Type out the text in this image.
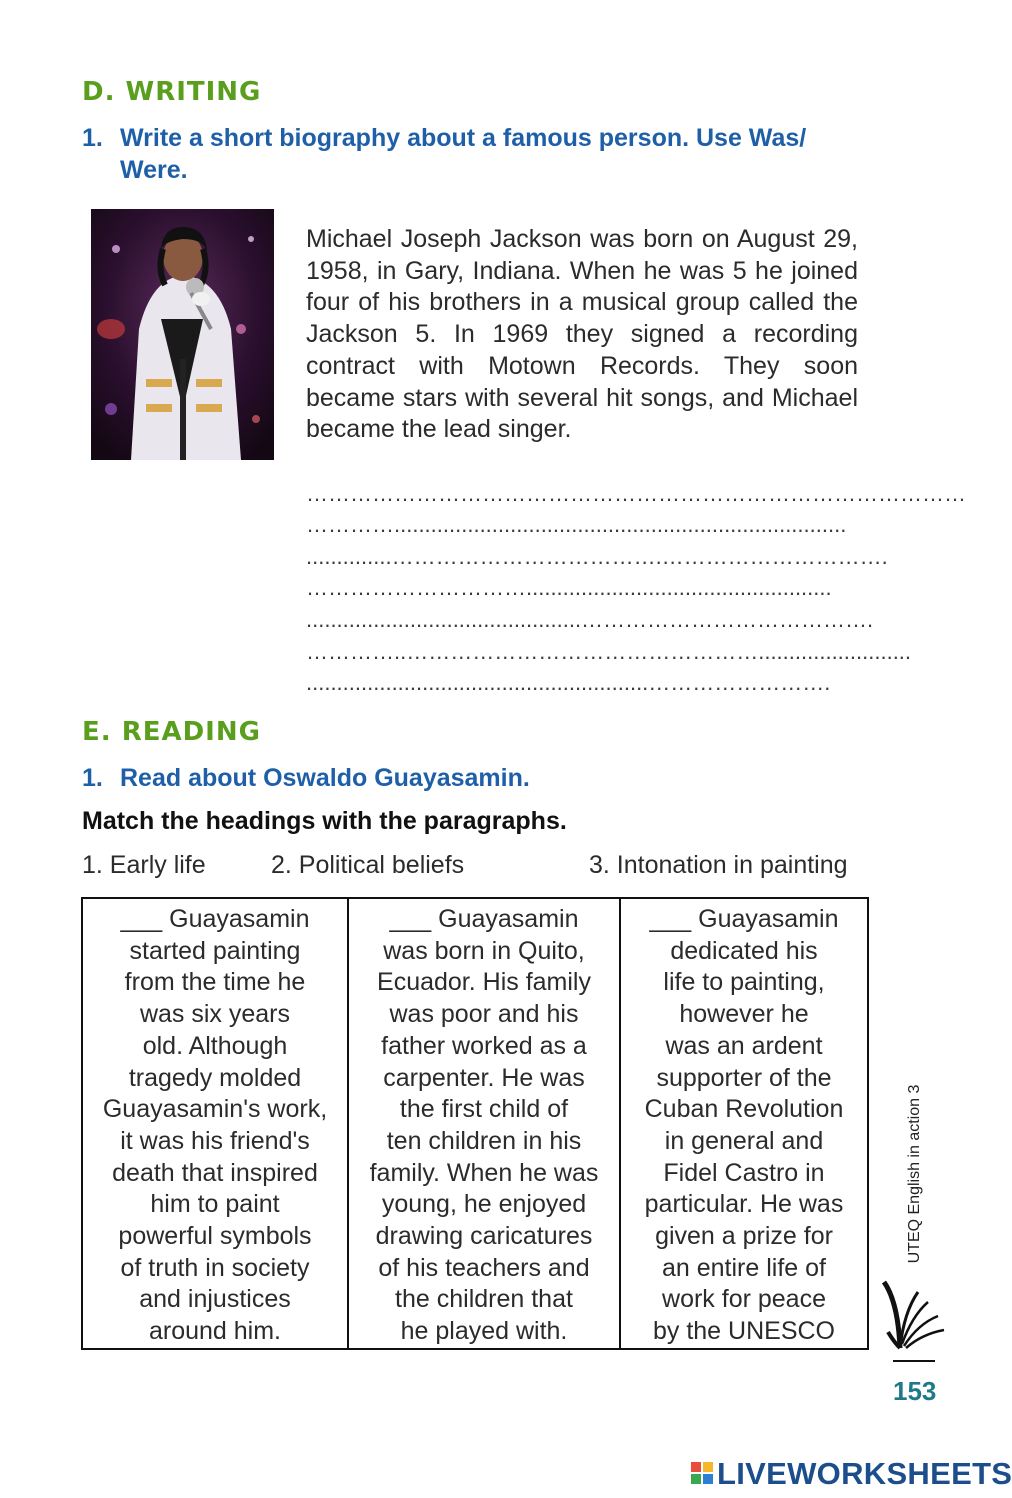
D. WRITING
1. Write a short biography about a famous person. Use Was/
Were.
Michael Joseph Jackson was born on August 29, 1958, in Gary, Indiana. When he was 5 he joined four of his brothers in a musical group called the Jackson 5. In 1969 they signed a recording contract with Motown Records. They soon became stars with several hit songs, and Michael became the lead singer.
………………………………………………………………………………
…………..........................................................................
..............……………………………….………………………….
…………………………..................................................
.............................................………………………………….
…………..………………………………………….........................
........................................................…………………….
E. READING
1. Read about Oswaldo Guayasamin.
Match the headings with the paragraphs.
1. Early life	2. Political beliefs	3. Intonation in painting
___ Guayasamin
started painting
from the time he
was six years
old. Although
tragedy molded
Guayasamin's work,
it was his friend's
death that inspired
him to paint
powerful symbols
of truth in society
and injustices
around him.

___ Guayasamin
was born in Quito,
Ecuador. His family
was poor and his
father worked as a
carpenter. He was
the first child of
ten children in his
family. When he was
young, he enjoyed
drawing caricatures
of his teachers and
the children that
he played with.

___ Guayasamin
dedicated his
life to painting,
however he
was an ardent
supporter of the
Cuban Revolution
in general and
Fidel Castro in
particular. He was
given a prize for
an entire life of
work for peace
by the UNESCO
UTEQ English in action 3
153
LIVEWORKSHEETS
